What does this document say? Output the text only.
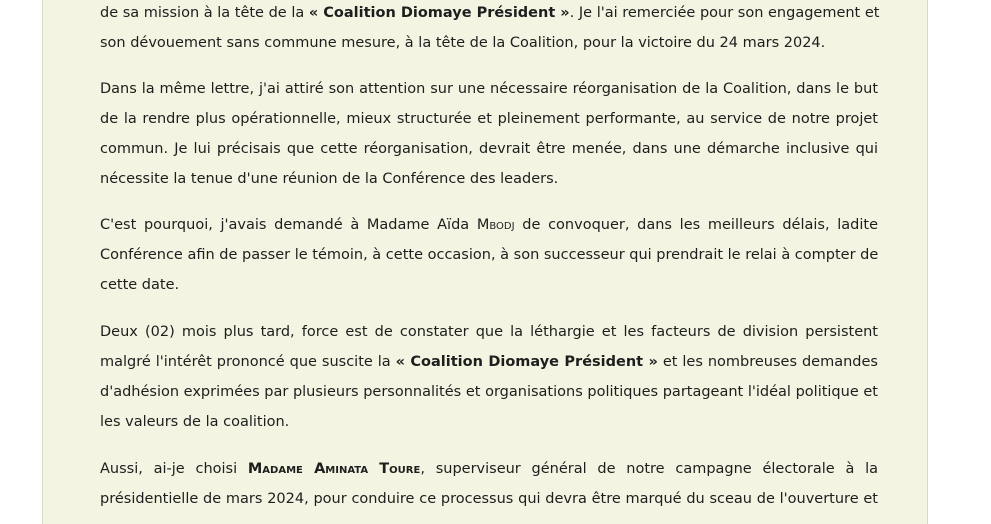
de sa mission à la tête de la « Coalition Diomaye Président ». Je l'ai remerciée pour son engagement et
son dévouement sans commune mesure, à la tête de la Coalition, pour la victoire du 24 mars 2024.
Dans la même lettre, j'ai attiré son attention sur une nécessaire réorganisation de la Coalition, dans le but
de la rendre plus opérationnelle, mieux structurée et pleinement performante, au service de notre projet
commun. Je lui précisais que cette réorganisation, devrait être menée, dans une démarche inclusive qui
nécessite la tenue d'une réunion de la Conférence des leaders.
C'est pourquoi, j'avais demandé à Madame Aïda Mbodj de convoquer, dans les meilleurs délais, ladite
Conférence afin de passer le témoin, à cette occasion, à son successeur qui prendrait le relai à compter de
cette date.
Deux (02) mois plus tard, force est de constater que la léthargie et les facteurs de division persistent
malgré l'intérêt prononcé que suscite la « Coalition Diomaye Président » et les nombreuses demandes
d'adhésion exprimées par plusieurs personnalités et organisations politiques partageant l'idéal politique et
les valeurs de la coalition.
Aussi, ai-je choisi Madame Aminata Toure, superviseur général de notre campagne électorale à la
présidentielle de mars 2024, pour conduire ce processus qui devra être marqué du sceau de l'ouverture et
